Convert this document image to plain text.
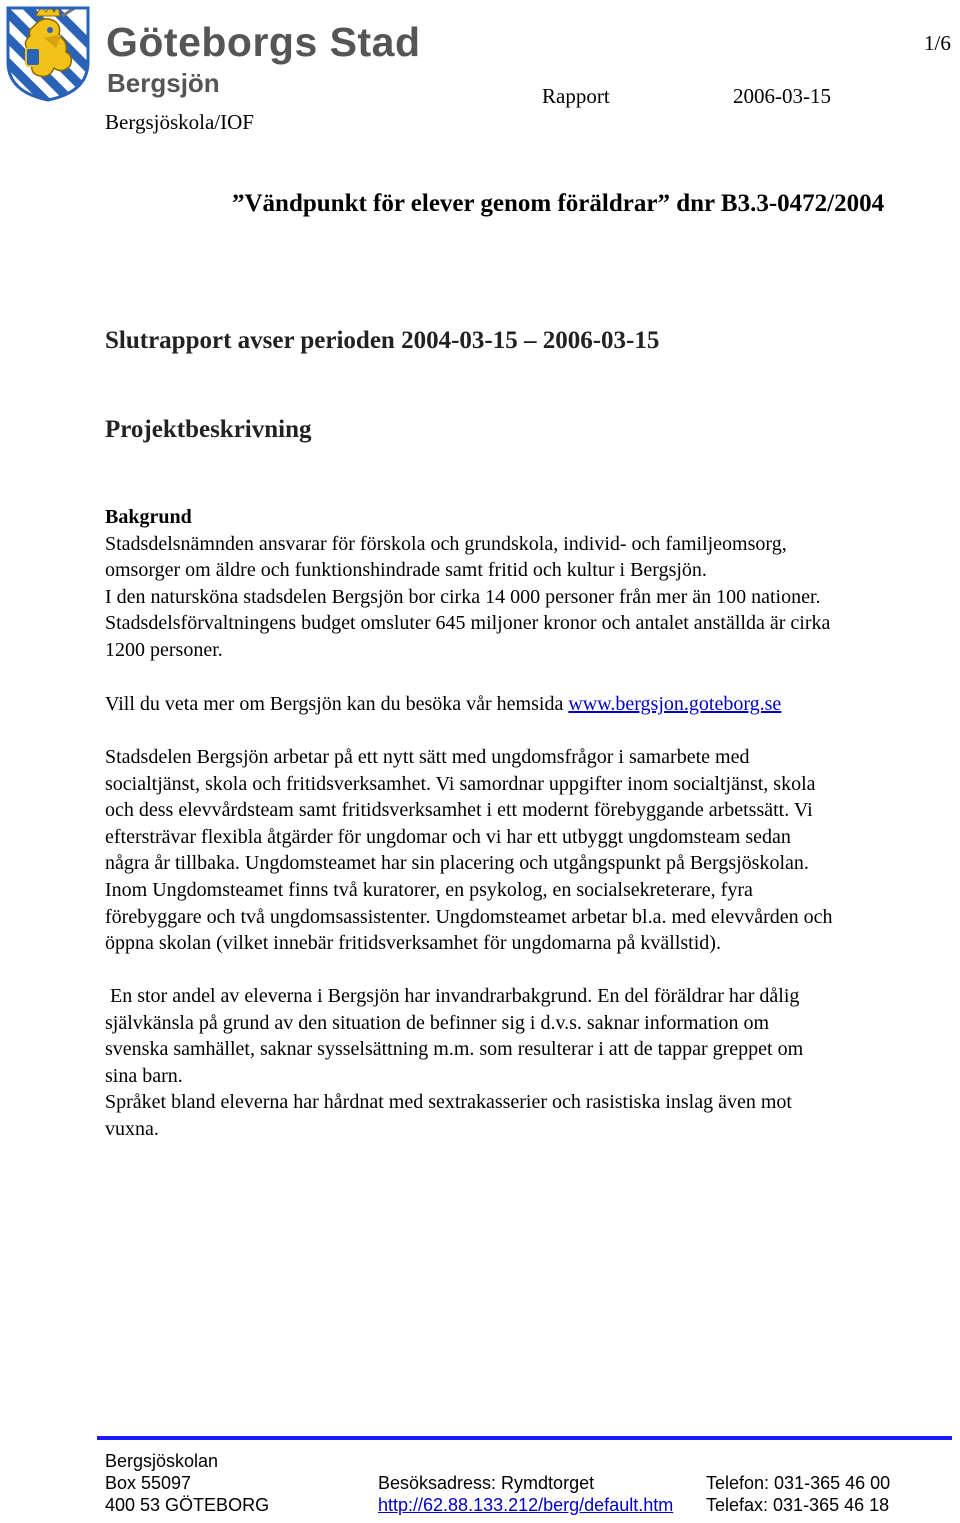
Göteborgs Stad
Bergsjön
1/6
Rapport	2006-03-15
Bergsjöskola/IOF
”Vändpunkt för elever genom föräldrar” dnr B3.3-0472/2004
Slutrapport avser perioden 2004-03-15 – 2006-03-15
Projektbeskrivning
Bakgrund
Stadsdelsnämnden ansvarar för förskola och grundskola, individ- och familjeomsorg,
omsorger om äldre och funktionshindrade samt fritid och kultur i Bergsjön.
I den natursköna stadsdelen Bergsjön bor cirka 14 000 personer från mer än 100 nationer.
Stadsdelsförvaltningens budget omsluter 645 miljoner kronor och antalet anställda är cirka
1200 personer.
Vill du veta mer om Bergsjön kan du besöka vår hemsida www.bergsjon.goteborg.se
Stadsdelen Bergsjön arbetar på ett nytt sätt med ungdomsfrågor i samarbete med
socialtjänst, skola och fritidsverksamhet. Vi samordnar uppgifter inom socialtjänst, skola
och dess elevvårdsteam samt fritidsverksamhet i ett modernt förebyggande arbetssätt. Vi
eftersträvar flexibla åtgärder för ungdomar och vi har ett utbyggt ungdomsteam sedan
några år tillbaka. Ungdomsteamet har sin placering och utgångspunkt på Bergsjöskolan.
Inom Ungdomsteamet finns två kuratorer, en psykolog, en socialsekreterare, fyra
förebyggare och två ungdomsassistenter. Ungdomsteamet arbetar bl.a. med elevvården och
öppna skolan (vilket innebär fritidsverksamhet för ungdomarna på kvällstid).
En stor andel av eleverna i Bergsjön har invandrarbakgrund. En del föräldrar har dålig
självkänsla på grund av den situation de befinner sig i d.v.s. saknar information om
svenska samhället, saknar sysselsättning m.m. som resulterar i att de tappar greppet om
sina barn.
Språket bland eleverna har hårdnat med sextrakasserier och rasistiska inslag även mot
vuxna.
Bergsjöskolan
Box 55097
400 53 GÖTEBORG
Besöksadress: Rymdtorget
http://62.88.133.212/berg/default.htm
Telefon: 031-365 46 00
Telefax: 031-365 46 18
